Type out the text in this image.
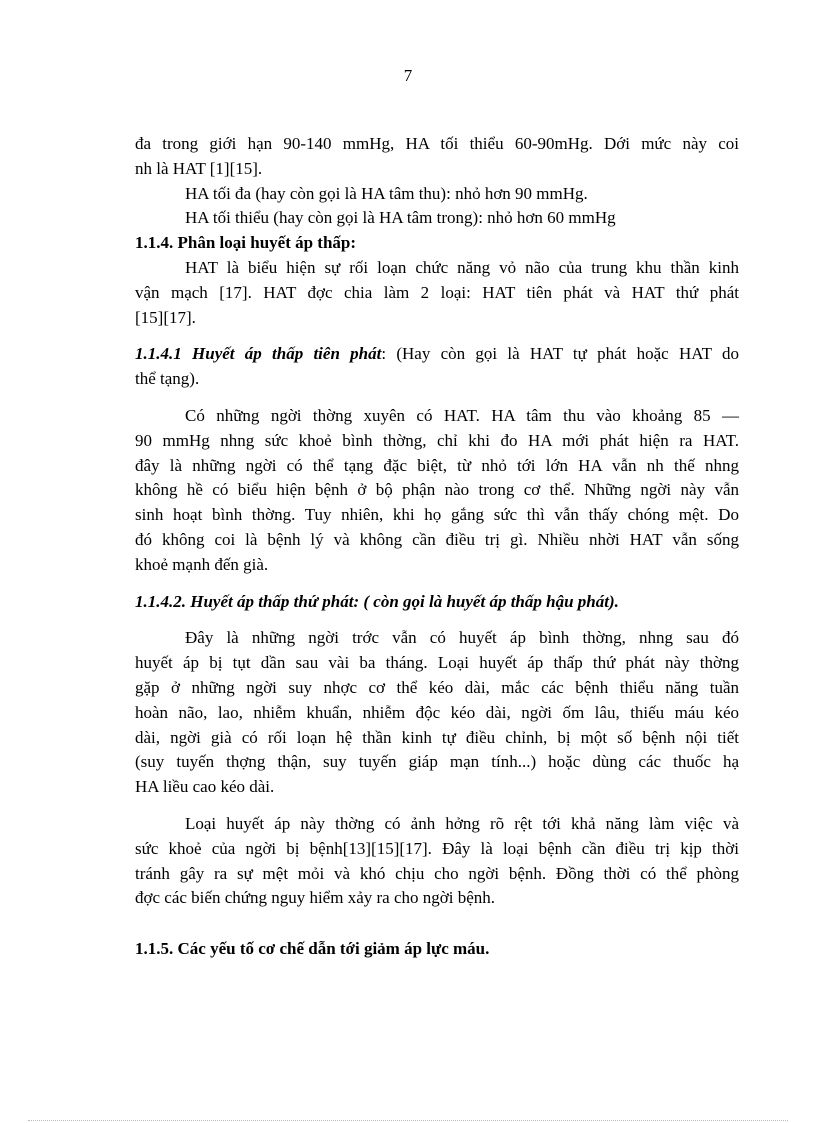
7
đa trong giới hạn 90-140 mmHg, HA tối thiểu 60-90mHg. Dới mức này coi
nh là HAT [1][15].
HA tối đa (hay còn gọi là HA tâm thu): nhỏ hơn 90 mmHg.
HA tối thiểu (hay còn gọi là HA tâm trong): nhỏ hơn 60 mmHg
1.1.4. Phân loại huyết áp thấp:
HAT là biểu hiện sự rối loạn chức năng vỏ não của trung khu thần kinh
vận mạch [17]. HAT đợc chia làm 2 loại: HAT tiên phát và HAT thứ phát
[15][17].
1.1.4.1 Huyết áp thấp tiên phát: (Hay còn gọi là HAT tự phát hoặc HAT do
thể tạng).
Có những ngời thờng xuyên có HAT. HA tâm thu vào khoảng 85 —
90 mmHg nhng sức khoẻ bình thờng, chỉ khi đo HA mới phát hiện ra HAT.
đây là những ngời có thể tạng đặc biệt, từ nhỏ tới lớn HA vẫn nh thế nhng
không hề có biểu hiện bệnh ở bộ phận nào trong cơ thể. Những ngời này vẫn
sinh hoạt bình thờng. Tuy nhiên, khi họ gắng sức thì vẫn thấy chóng mệt. Do
đó không coi là bệnh lý và không cần điều trị gì. Nhiều nhời HAT vẫn sống
khoẻ mạnh đến già.
1.1.4.2. Huyết áp thấp thứ phát: ( còn gọi là huyết áp thấp hậu phát).
Đây là những ngời trớc vẫn có huyết áp bình thờng, nhng sau đó
huyết áp bị tụt dần sau vài ba tháng. Loại huyết áp thấp thứ phát này thờng
gặp ở những ngời suy nhợc cơ thể kéo dài, mắc các bệnh thiểu năng tuần
hoàn não, lao, nhiễm khuẩn, nhiễm độc kéo dài, ngời ốm lâu, thiếu máu kéo
dài, ngời già có rối loạn hệ thần kinh tự điều chỉnh, bị một số bệnh nội tiết
(suy tuyến thợng thận, suy tuyến giáp mạn tính...) hoặc dùng các thuốc hạ
HA liều cao kéo dài.
Loại huyết áp này thờng có ảnh hởng rõ rệt tới khả năng làm việc và
sức khoẻ của ngời bị bệnh[13][15][17]. Đây là loại bệnh cần điều trị kịp thời
tránh gây ra sự mệt mỏi và khó chịu cho ngời bệnh. Đồng thời có thể phòng
đợc các biến chứng nguy hiểm xảy ra cho ngời bệnh.
1.1.5. Các yếu tố cơ chế dẫn tới giảm áp lực máu.
